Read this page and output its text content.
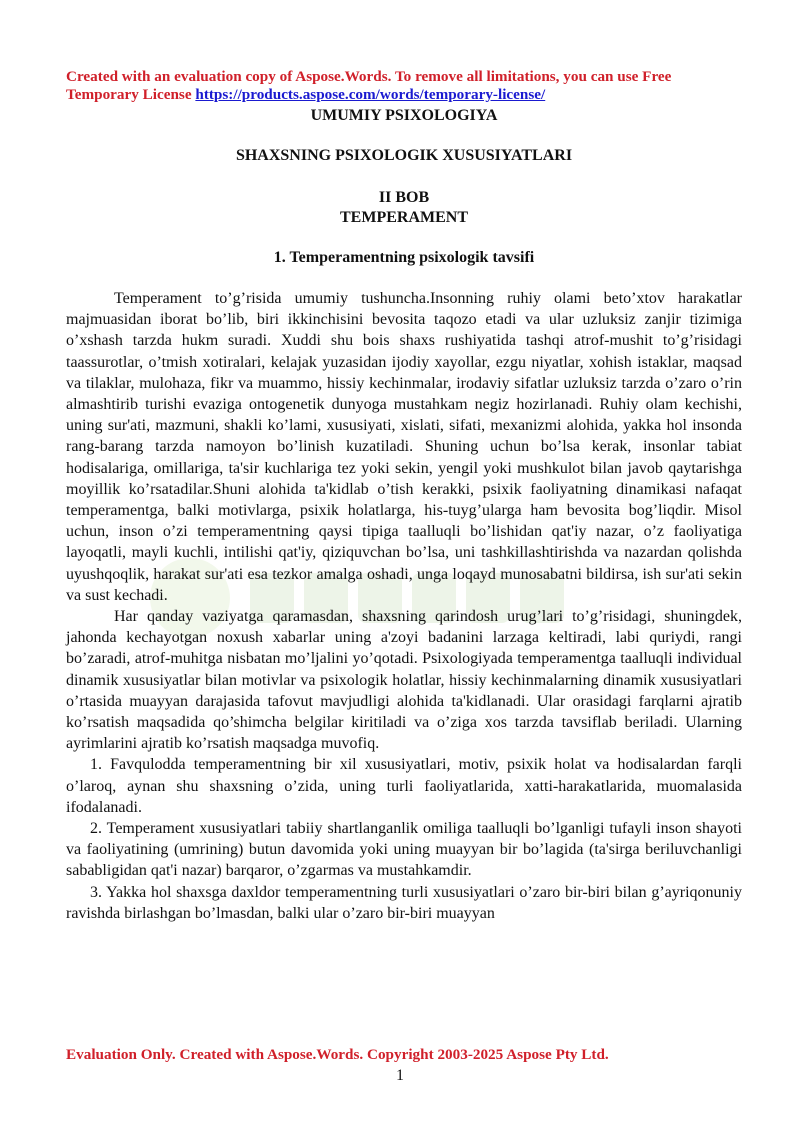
Created with an evaluation copy of Aspose.Words. To remove all limitations, you can use Free Temporary License https://products.aspose.com/words/temporary-license/

UMUMIY PSIXOLOGIYA

SHAXSNING PSIXOLOGIK XUSUSIYATLARI

II BOB

TEMPERAMENT

1. Temperamentning psixologik tavsifi

Temperament to’g’risida umumiy tushuncha.Insonning ruhiy olami beto’xtov harakatlar majmuasidan iborat bo’lib, biri ikkinchisini bevosita taqozo etadi va ular uzluksiz zanjir tizimiga o’xshash tarzda hukm suradi. Xuddi shu bois shaxs rushiyatida tashqi atrof-mushit to’g’risidagi taassurotlar, o’tmish xotiralari, kelajak yuzasidan ijodiy xayollar, ezgu niyatlar, xohish istaklar, maqsad va tilaklar, mulohaza, fikr va muammo, hissiy kechinmalar, irodaviy sifatlar uzluksiz tarzda o’zaro o’rin almashtirib turishi evaziga ontogenetik dunyoga mustahkam negiz hozirlanadi. Ruhiy olam kechishi, uning sur'ati, mazmuni, shakli ko’lami, xususiyati, xislati, sifati, mexanizmi alohida, yakka hol insonda rang-barang tarzda namoyon bo’linish kuzatiladi. Shuning uchun bo’lsa kerak, insonlar tabiat hodisalariga, omillariga, ta'sir kuchlariga tez yoki sekin, yengil yoki mushkulot bilan javob qaytarishga moyillik ko’rsatadilar.Shuni alohida ta'kidlab o’tish kerakki, psixik faoliyatning dinamikasi nafaqat temperamentga, balki motivlarga, psixik holatlarga, his-tuyg’ularga ham bevosita bog’liqdir. Misol uchun, inson o’zi temperamentning qaysi tipiga taalluqli bo’lishidan qat'iy nazar, o’z faoliyatiga layoqatli, mayli kuchli, intilishi qat'iy, qiziquvchan bo’lsa, uni tashkillashtirishda va nazardan qolishda uyushqoqlik, harakat sur'ati esa tezkor amalga oshadi, unga loqayd munosabatni bildirsa, ish sur'ati sekin va sust kechadi.

Har qanday vaziyatga qaramasdan, shaxsning qarindosh urug’lari to’g’risidagi, shuningdek, jahonda kechayotgan noxush xabarlar uning a'zoyi badanini larzaga keltiradi, labi quriydi, rangi bo’zaradi, atrof-muhitga nisbatan mo’ljalini yo’qotadi. Psixologiyada temperamentga taalluqli individual dinamik xususiyatlar bilan motivlar va psixologik holatlar, hissiy kechinmalarning dinamik xususiyatlari o’rtasida muayyan darajasida tafovut mavjudligi alohida ta'kidlanadi. Ular orasidagi farqlarni ajratib ko’rsatish maqsadida qo’shimcha belgilar kiritiladi va o’ziga xos tarzda tavsiflab beriladi. Ularning ayrimlarini ajratib ko’rsatish maqsadga muvofiq.

1. Favqulodda temperamentning bir xil xususiyatlari, motiv, psixik holat va hodisalardan farqli o’laroq, aynan shu shaxsning o’zida, uning turli faoliyatlarida, xatti-harakatlarida, muomalasida ifodalanadi.

2. Temperament xususiyatlari tabiiy shartlanganlik omiliga taalluqli bo’lganligi tufayli inson shayoti va faoliyatining (umrining) butun davomida yoki uning muayyan bir bo’lagida (ta'sirga beriluvchanligi sababligidan qat'i nazar) barqaror, o’zgarmas va mustahkamdir.

3. Yakka hol shaxsga daxldor temperamentning turli xususiyatlari o’zaro bir-biri bilan g’ayriqonuniy ravishda birlashgan bo’lmasdan, balki ular o’zaro bir-biri muayyan

Evaluation Only. Created with Aspose.Words. Copyright 2003-2025 Aspose Pty Ltd.

1
